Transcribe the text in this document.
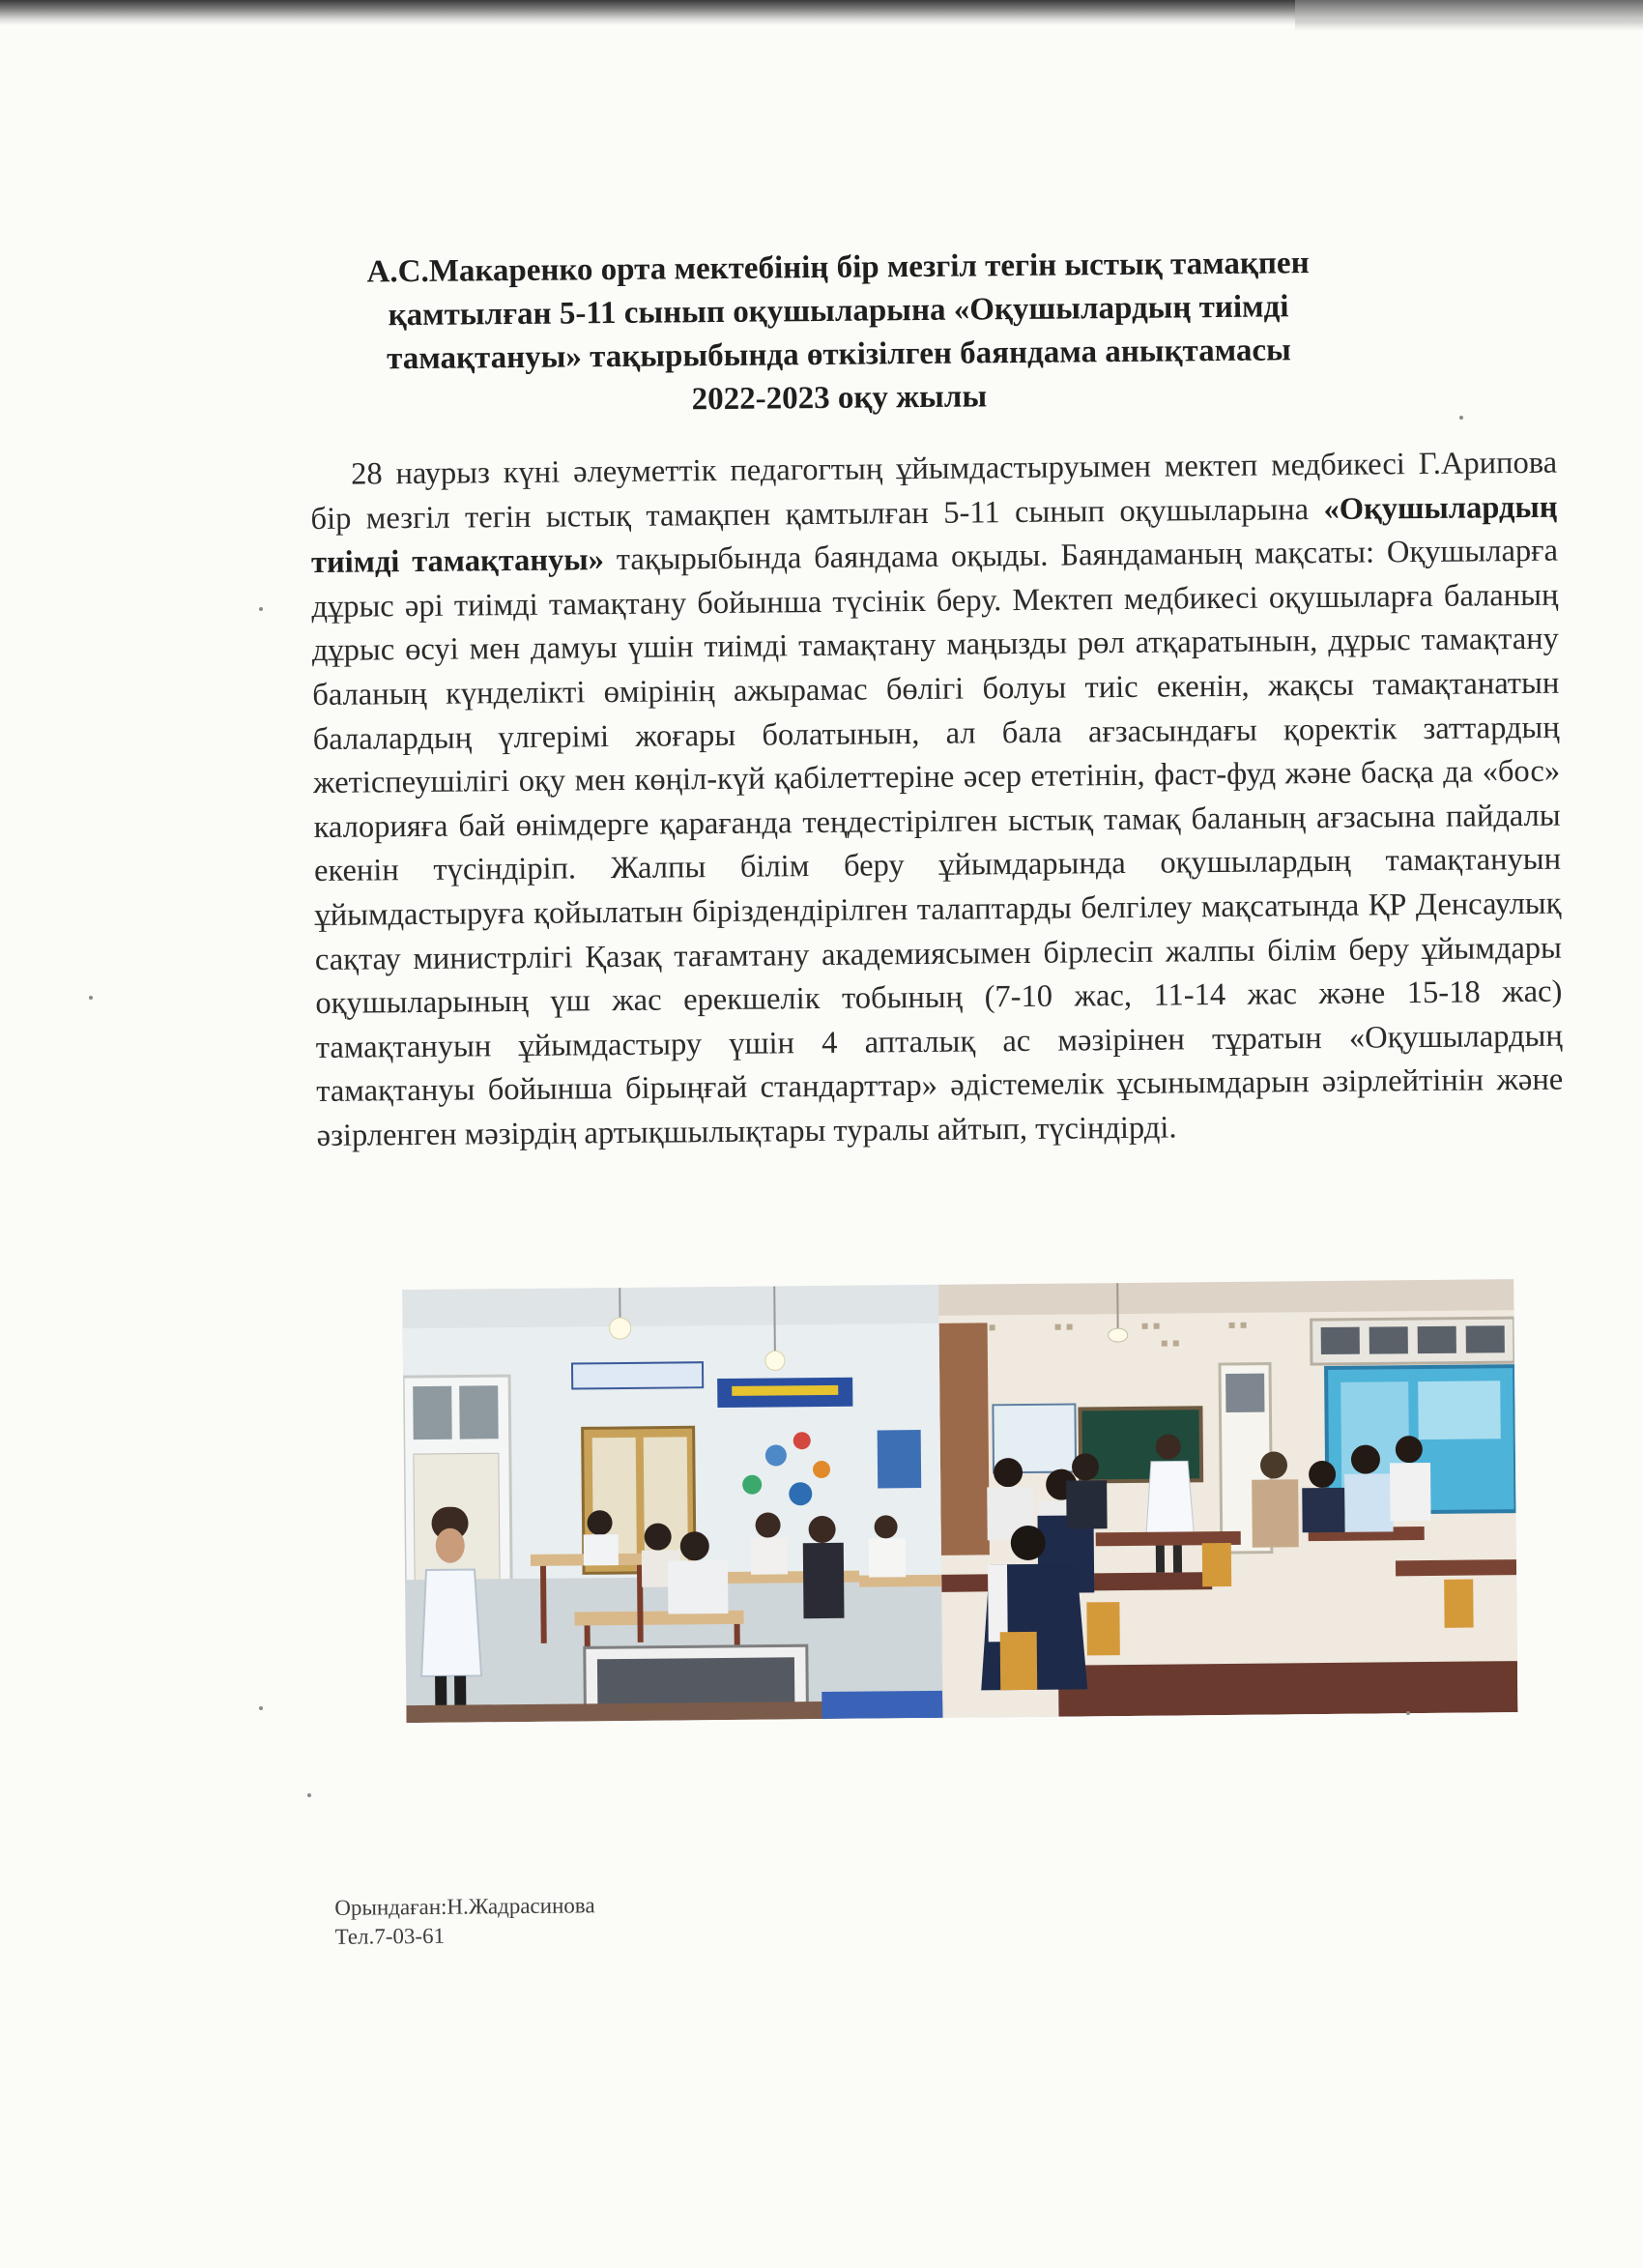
А.С.Макаренко орта мектебінің бір мезгіл тегін ыстық тамақпен
қамтылған 5-11 сынып оқушыларына «Оқушылардың тиімді
тамақтануы» тақырыбында өткізілген баяндама анықтамасы
2022-2023 оқу жылы

28 наурыз күні әлеуметтік педагогтың ұйымдастыруымен мектеп медбикесі Г.Арипова бір мезгіл тегін ыстық тамақпен қамтылған 5-11 сынып оқушыларына «Оқушылардың тиімді тамақтануы» тақырыбында баяндама оқыды. Баяндаманың мақсаты: Оқушыларға дұрыс әрі тиімді тамақтану бойынша түсінік беру. Мектеп медбикесі оқушыларға баланың дұрыс өсуі мен дамуы үшін тиімді тамақтану маңызды рөл атқаратынын, дұрыс тамақтану баланың күнделікті өмірінің ажырамас бөлігі болуы тиіс екенін, жақсы тамақтанатын балалардың үлгерімі жоғары болатынын, ал бала ағзасындағы қоректік заттардың жетіспеушілігі оқу мен көңіл-күй қабілеттеріне әсер ететінін, фаст-фуд және басқа да «бос» калорияға бай өнімдерге қарағанда теңдестірілген ыстық тамақ баланың ағзасына пайдалы екенін түсіндіріп. Жалпы білім беру ұйымдарында оқушылардың тамақтануын ұйымдастыруға қойылатын біріздендірілген талаптарды белгілеу мақсатында ҚР Денсаулық сақтау министрлігі Қазақ тағамтану академиясымен бірлесіп жалпы білім беру ұйымдары оқушыларының үш жас ерекшелік тобының (7-10 жас, 11-14 жас және 15-18 жас) тамақтануын ұйымдастыру үшін 4 апталық ас мәзірінен тұратын «Оқушылардың тамақтануы бойынша бірыңғай стандарттар» әдістемелік ұсынымдарын әзірлейтінін және әзірленген мәзірдің артықшылықтары туралы айтып, түсіндірді.

Орындаған:Н.Жадрасинова
Тел.7-03-61
